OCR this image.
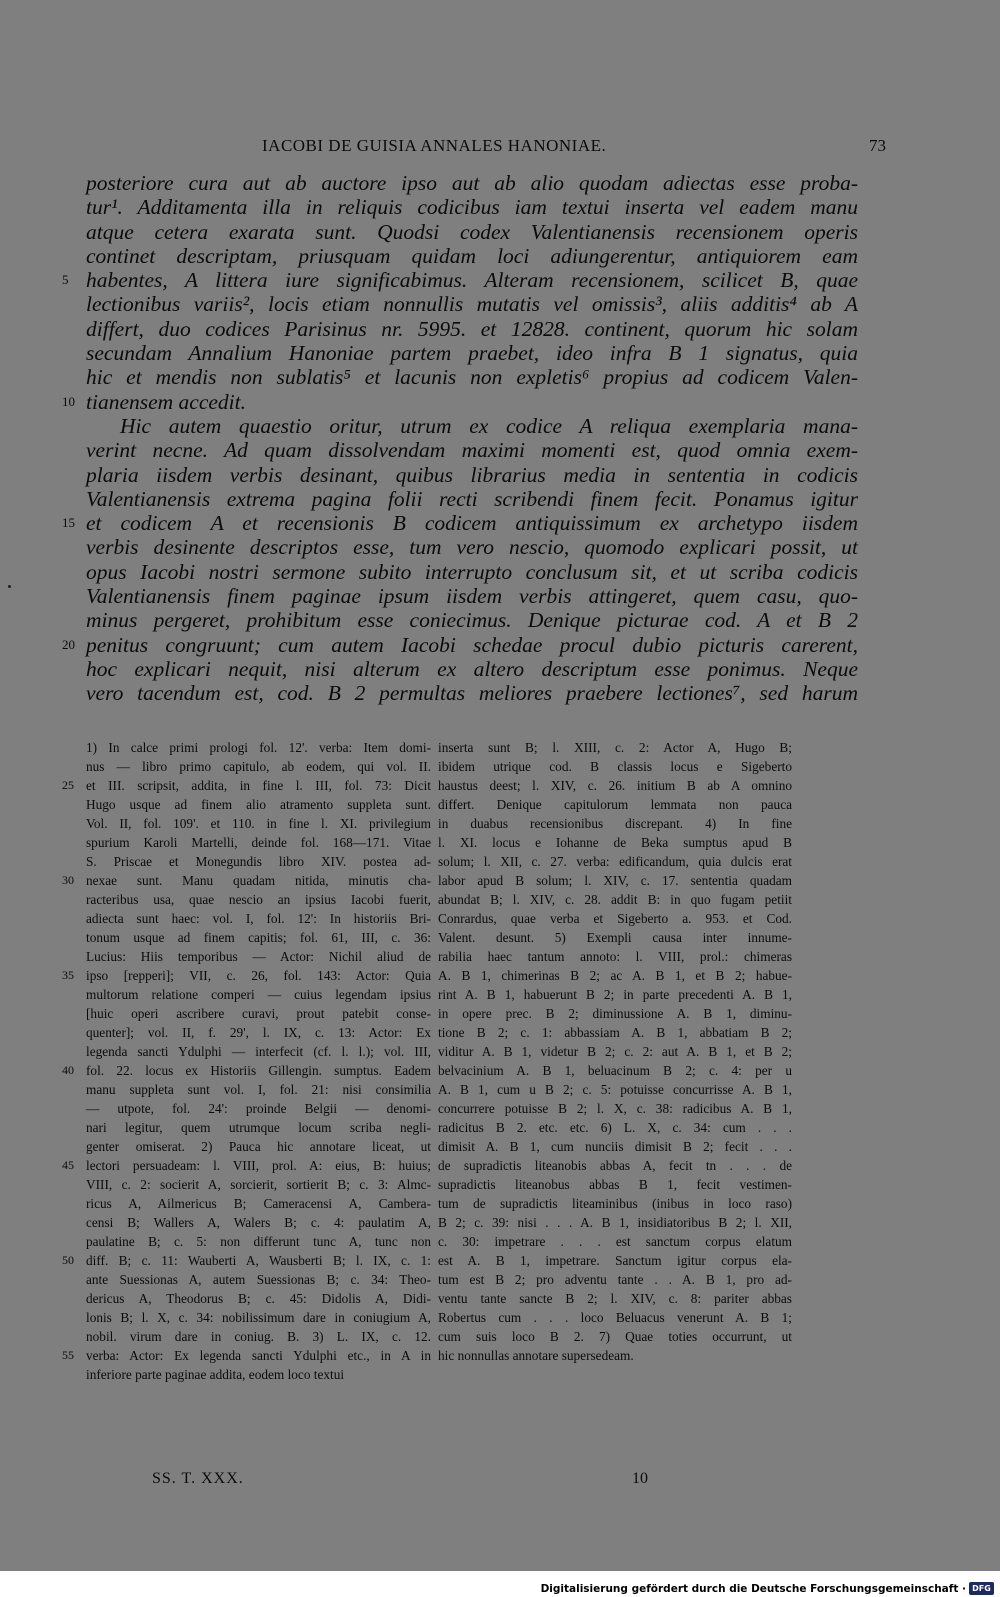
IACOBI DE GUISIA ANNALES HANONIAE.	73
posteriore cura aut ab auctore ipso aut ab alio quodam adiectas esse proba-
tur¹. Additamenta illa in reliquis codicibus iam textui inserta vel eadem manu
atque cetera exarata sunt. Quodsi codex Valentianensis recensionem operis
continet descriptam, priusquam quidam loci adiungerentur, antiquiorem eam
5 habentes, A littera iure significabimus. Alteram recensionem, scilicet B, quae
lectionibus variis², locis etiam nonnullis mutatis vel omissis³, aliis additis⁴ ab A
differt, duo codices Parisinus nr. 5995. et 12828. continent, quorum hic solam
secundam Annalium Hanoniae partem praebet, ideo infra B 1 signatus, quia
hic et mendis non sublatis⁵ et lacunis non expletis⁶ propius ad codicem Valen-
10 tianensem accedit.
Hic autem quaestio oritur, utrum ex codice A reliqua exemplaria mana-
verint necne. Ad quam dissolvendam maximi momenti est, quod omnia exem-
plaria iisdem verbis desinant, quibus librarius media in sententia in codicis
Valentianensis extrema pagina folii recti scribendi finem fecit. Ponamus igitur
15 et codicem A et recensionis B codicem antiquissimum ex archetypo iisdem
verbis desinente descriptos esse, tum vero nescio, quomodo explicari possit, ut
opus Iacobi nostri sermone subito interrupto conclusum sit, et ut scriba codicis
Valentianensis finem paginae ipsum iisdem verbis attingeret, quem casu, quo-
minus pergeret, prohibitum esse coniecimus. Denique picturae cod. A et B 2
20 penitus congruunt; cum autem Iacobi schedae procul dubio picturis carerent,
hoc explicari nequit, nisi alterum ex altero descriptum esse ponimus. Neque
vero tacendum est, cod. B 2 permultas meliores praebere lectiones⁷, sed harum
1) In calce primi prologi fol. 12'. verba: Item domi-
nus — libro primo capitulo, ab eodem, qui vol. II.
25 et III. scripsit, addita, in fine l. III, fol. 73: Dicit
Hugo usque ad finem alio atramento suppleta sunt.
Vol. II, fol. 109'. et 110. in fine l. XI. privilegium
spurium Karoli Martelli, deinde fol. 168—171. Vitae
S. Priscae et Monegundis libro XIV. postea ad-
30 nexae sunt. Manu quadam nitida, minutis cha-
racteribus usa, quae nescio an ipsius Iacobi fuerit,
adiecta sunt haec: vol. I, fol. 12': In historiis Bri-
tonum usque ad finem capitis; fol. 61, III, c. 36:
Lucius: Hiis temporibus — Actor: Nichil aliud de
35 ipso [repperi]; VII, c. 26, fol. 143: Actor: Quia
multorum relatione comperi — cuius legendam ipsius
[huic operi ascribere curavi, prout patebit conse-
quenter]; vol. II, f. 29', l. IX, c. 13: Actor: Ex
legenda sancti Ydulphi — interfecit (cf. l. l.); vol. III,
40 fol. 22. locus ex Historiis Gillengin. sumptus. Eadem
manu suppleta sunt vol. I, fol. 21: nisi consimilia
— utpote, fol. 24': proinde Belgii — denomi-
nari legitur, quem utrumque locum scriba negli-
genter omiserat. 2) Pauca hic annotare liceat, ut
45 lectori persuadeam: l. VIII, prol. A: eius, B: huius;
VIII, c. 2: socierit A, sorcierit, sortierit B; c. 3: Almc-
ricus A, Ailmericus B; Cameracensi A, Cambera-
censi B; Wallers A, Walers B; c. 4: paulatim A,
paulatine B; c. 5: non differunt tunc A, tunc non
50 diff. B; c. 11: Wauberti A, Wausberti B; l. IX, c. 1:
ante Suessionas A, autem Suessionas B; c. 34: Theo-
dericus A, Theodorus B; c. 45: Didolis A, Didi-
lonis B; l. X, c. 34: nobilissimum dare in coniugium A,
nobil. virum dare in coniug. B. 3) L. IX, c. 12.
55 verba: Actor: Ex legenda sancti Ydulphi etc., in A in
inferiore parte paginae addita, eodem loco textui
inserta sunt B; l. XIII, c. 2: Actor A, Hugo B;
ibidem utrique cod. B classis locus e Sigeberto
haustus deest; l. XIV, c. 26. initium B ab A omnino
differt. Denique capitulorum lemmata non pauca
in duabus recensionibus discrepant. 4) In fine
l. XI. locus e Iohanne de Beka sumptus apud B
solum; l. XII, c. 27. verba: edificandum, quia dulcis erat
labor apud B solum; l. XIV, c. 17. sententia quadam
abundat B; l. XIV, c. 28. addit B: in quo fugam petiit
Conrardus, quae verba et Sigeberto a. 953. et Cod.
Valent. desunt. 5) Exempli causa inter innume-
rabilia haec tantum annoto: l. VIII, prol.: chimeras
A. B 1, chimerinas B 2; ac A. B 1, et B 2; habue-
rint A. B 1, habuerunt B 2; in parte precedenti A. B 1,
in opere prec. B 2; diminussione A. B 1, diminu-
tione B 2; c. 1: abbassiam A. B 1, abbatiam B 2;
viditur A. B 1, videtur B 2; c. 2: aut A. B 1, et B 2;
belvacinium A. B 1, beluacinum B 2; c. 4: per u
A. B 1, cum u B 2; c. 5: potuisse concurrisse A. B 1,
concurrere potuisse B 2; l. X, c. 38: radicibus A. B 1,
radicitus B 2. etc. etc. 6) L. X, c. 34: cum . . .
dimisit A. B 1, cum nunciis dimisit B 2; fecit . . .
de supradictis liteanobis abbas A, fecit tn . . . de
supradictis liteanobus abbas B 1, fecit vestimen-
tum de supradictis liteaminibus (inibus in loco raso)
B 2; c. 39: nisi . . . A. B 1, insidiatoribus B 2; l. XII,
c. 30: impetrare . . . est sanctum corpus elatum
est A. B 1, impetrare. Sanctum igitur corpus ela-
tum est B 2; pro adventu tante . . A. B 1, pro ad-
ventu tante sancte B 2; l. XIV, c. 8: pariter abbas
Robertus cum . . . loco Beluacus venerunt A. B 1;
cum suis loco B 2. 7) Quae toties occurrunt, ut
hic nonnullas annotare supersedeam.
SS. T. XXX.	10
Digitalisierung gefördert durch die Deutsche Forschungsgemeinschaft · DFG
